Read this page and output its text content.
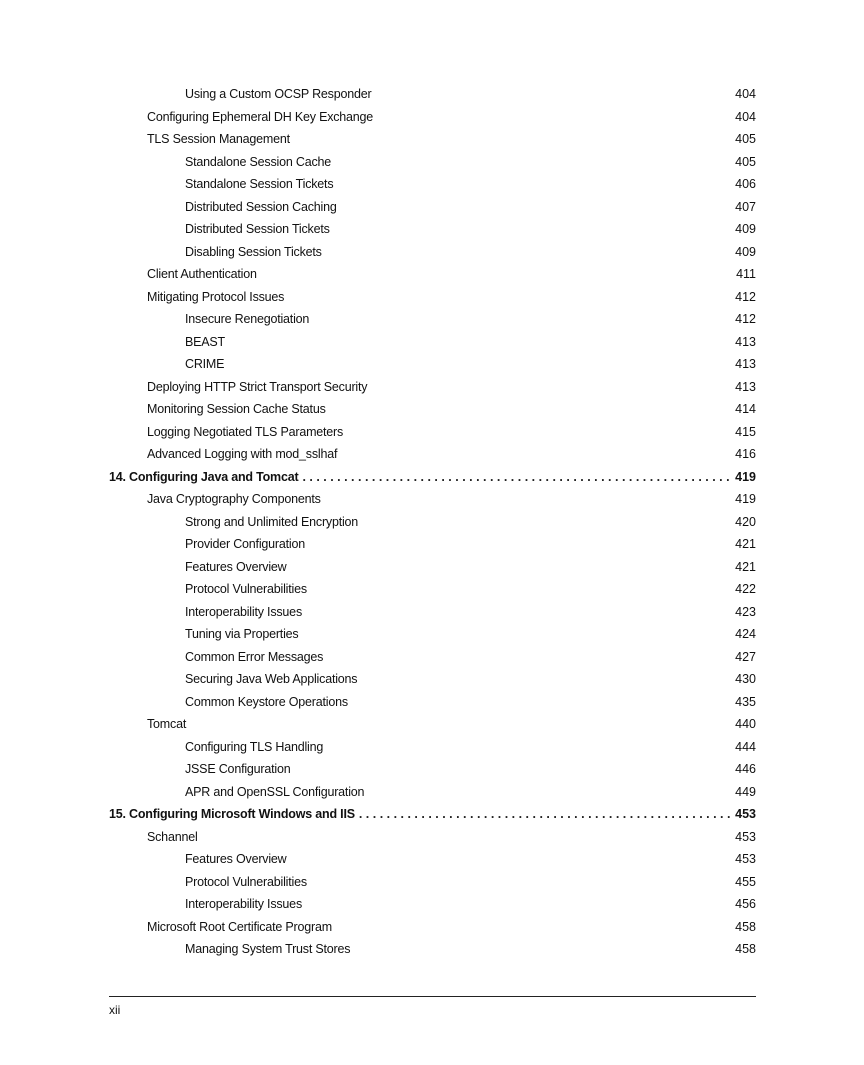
Using a Custom OCSP Responder	404
Configuring Ephemeral DH Key Exchange	404
TLS Session Management	405
Standalone Session Cache	405
Standalone Session Tickets	406
Distributed Session Caching	407
Distributed Session Tickets	409
Disabling Session Tickets	409
Client Authentication	411
Mitigating Protocol Issues	412
Insecure Renegotiation	412
BEAST	413
CRIME	413
Deploying HTTP Strict Transport Security	413
Monitoring Session Cache Status	414
Logging Negotiated TLS Parameters	415
Advanced Logging with mod_sslhaf	416
14. Configuring Java and Tomcat . . .	419
Java Cryptography Components	419
Strong and Unlimited Encryption	420
Provider Configuration	421
Features Overview	421
Protocol Vulnerabilities	422
Interoperability Issues	423
Tuning via Properties	424
Common Error Messages	427
Securing Java Web Applications	430
Common Keystore Operations	435
Tomcat	440
Configuring TLS Handling	444
JSSE Configuration	446
APR and OpenSSL Configuration	449
15. Configuring Microsoft Windows and IIS . . .	453
Schannel	453
Features Overview	453
Protocol Vulnerabilities	455
Interoperability Issues	456
Microsoft Root Certificate Program	458
Managing System Trust Stores	458
xii
